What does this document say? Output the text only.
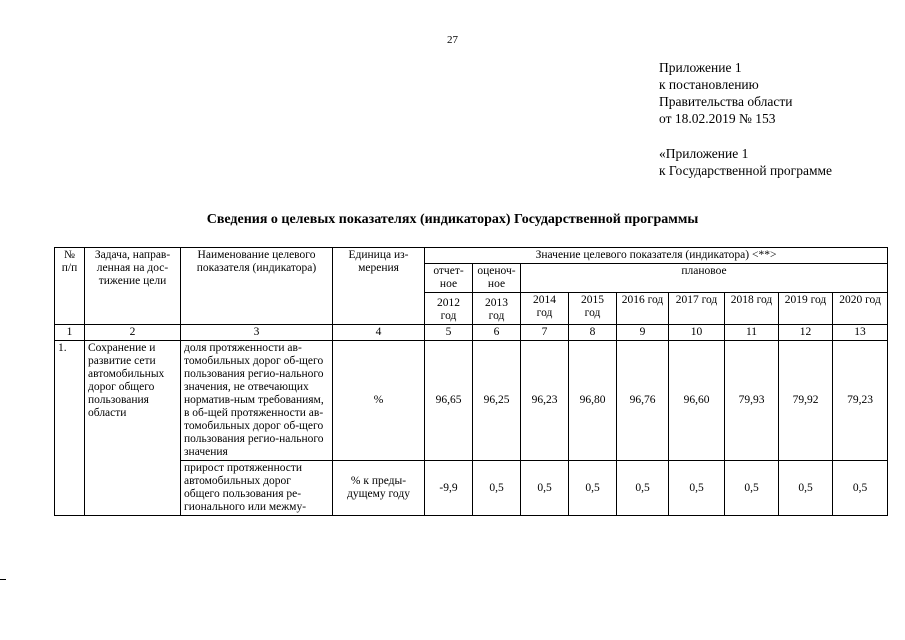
27
Приложение 1
к постановлению
Правительства области
от 18.02.2019 № 153
«Приложение 1
к Государственной программе
Сведения о целевых показателях (индикаторах) Государственной программы
№ п/п	Задача, направ-ленная на дос-тижение цели	Наименование целевого показателя (индикатора)	Единица из-мерения	Значение целевого показателя (индикатора) <**>								
				отчет-ное	оценоч-ное	плановое						
				2012 год	2013 год	2014 год	2015 год	2016 год	2017 год	2018 год	2019 год	2020 год
1	2	3	4	5	6	7	8	9	10	11	12	13
1.	Сохранение и развитие сети автомобильных дорог общего пользования области	доля протяженности ав-томобильных дорог об-щего пользования регио-нального значения, не отвечающих норматив-ным требованиям, в об-щей протяженности ав-томобильных дорог об-щего пользования регио-нального значения	%	96,65	96,25	96,23	96,80	96,76	96,60	79,93	79,92	79,23
		прирост протяженности автомобильных дорог общего пользования ре-гионального или межму-	% к преды-дущему году	-9,9	0,5	0,5	0,5	0,5	0,5	0,5	0,5	0,5
